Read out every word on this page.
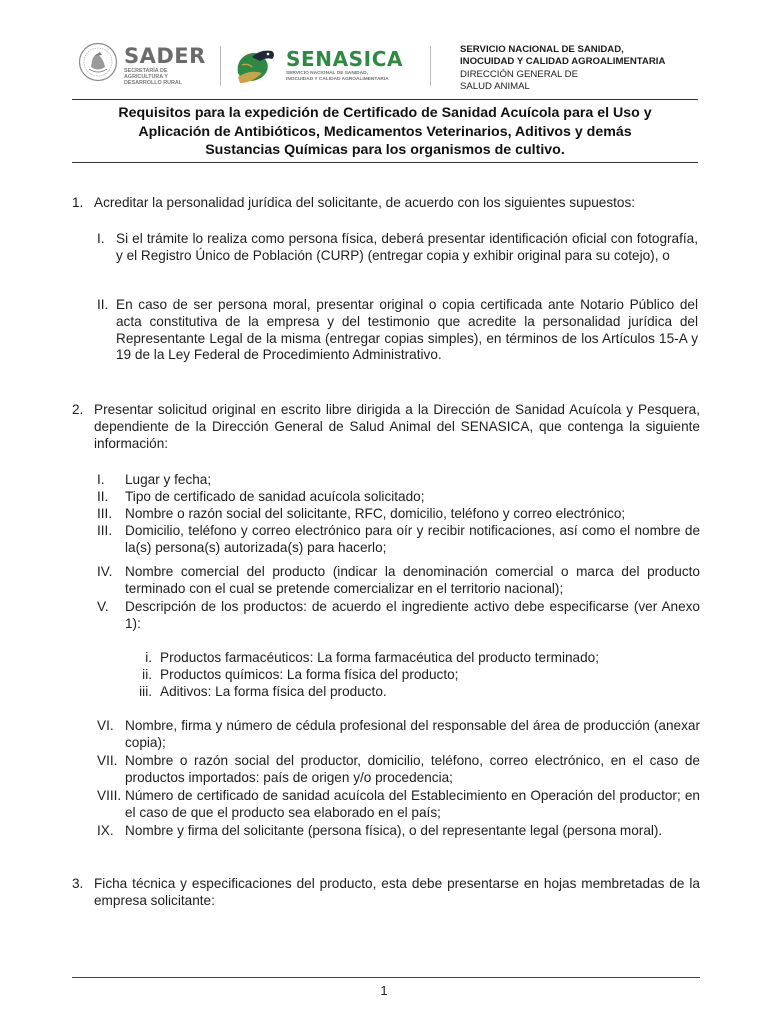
SADER
SECRETARÍA DE
AGRICULTURA Y
DESARROLLO RURAL
SENASICA
SERVICIO NACIONAL DE SANIDAD,
INOCUIDAD Y CALIDAD AGROALIMENTARIA
SERVICIO NACIONAL DE SANIDAD,
INOCUIDAD Y CALIDAD AGROALIMENTARIA
DIRECCIÓN GENERAL DE
SALUD ANIMAL
Requisitos para la expedición de Certificado de Sanidad Acuícola para el Uso y
Aplicación de Antibióticos, Medicamentos Veterinarios, Aditivos y demás
Sustancias Químicas para los organismos de cultivo.
1. Acreditar la personalidad jurídica del solicitante, de acuerdo con los siguientes supuestos:
I. Si el trámite lo realiza como persona física, deberá presentar identificación oficial con fotografía, y el Registro Único de Población (CURP) (entregar copia y exhibir original para su cotejo), o
II. En caso de ser persona moral, presentar original o copia certificada ante Notario Público del acta constitutiva de la empresa y del testimonio que acredite la personalidad jurídica del Representante Legal de la misma (entregar copias simples), en términos de los Artículos 15-A y 19 de la Ley Federal de Procedimiento Administrativo.
2. Presentar solicitud original en escrito libre dirigida a la Dirección de Sanidad Acuícola y Pesquera, dependiente de la Dirección General de Salud Animal del SENASICA, que contenga la siguiente información:
I. Lugar y fecha;
II. Tipo de certificado de sanidad acuícola solicitado;
III. Nombre o razón social del solicitante, RFC, domicilio, teléfono y correo electrónico;
III. Domicilio, teléfono y correo electrónico para oír y recibir notificaciones, así como el nombre de la(s) persona(s) autorizada(s) para hacerlo;
IV. Nombre comercial del producto (indicar la denominación comercial o marca del producto terminado con el cual se pretende comercializar en el territorio nacional);
V. Descripción de los productos: de acuerdo el ingrediente activo debe especificarse (ver Anexo 1):
i. Productos farmacéuticos: La forma farmacéutica del producto terminado;
ii. Productos químicos: La forma física del producto;
iii. Aditivos: La forma física del producto.
VI. Nombre, firma y número de cédula profesional del responsable del área de producción (anexar copia);
VII. Nombre o razón social del productor, domicilio, teléfono, correo electrónico, en el caso de productos importados: país de origen y/o procedencia;
VIII. Número de certificado de sanidad acuícola del Establecimiento en Operación del productor; en el caso de que el producto sea elaborado en el país;
IX. Nombre y firma del solicitante (persona física), o del representante legal (persona moral).
3. Ficha técnica y especificaciones del producto, esta debe presentarse en hojas membretadas de la empresa solicitante:
1
